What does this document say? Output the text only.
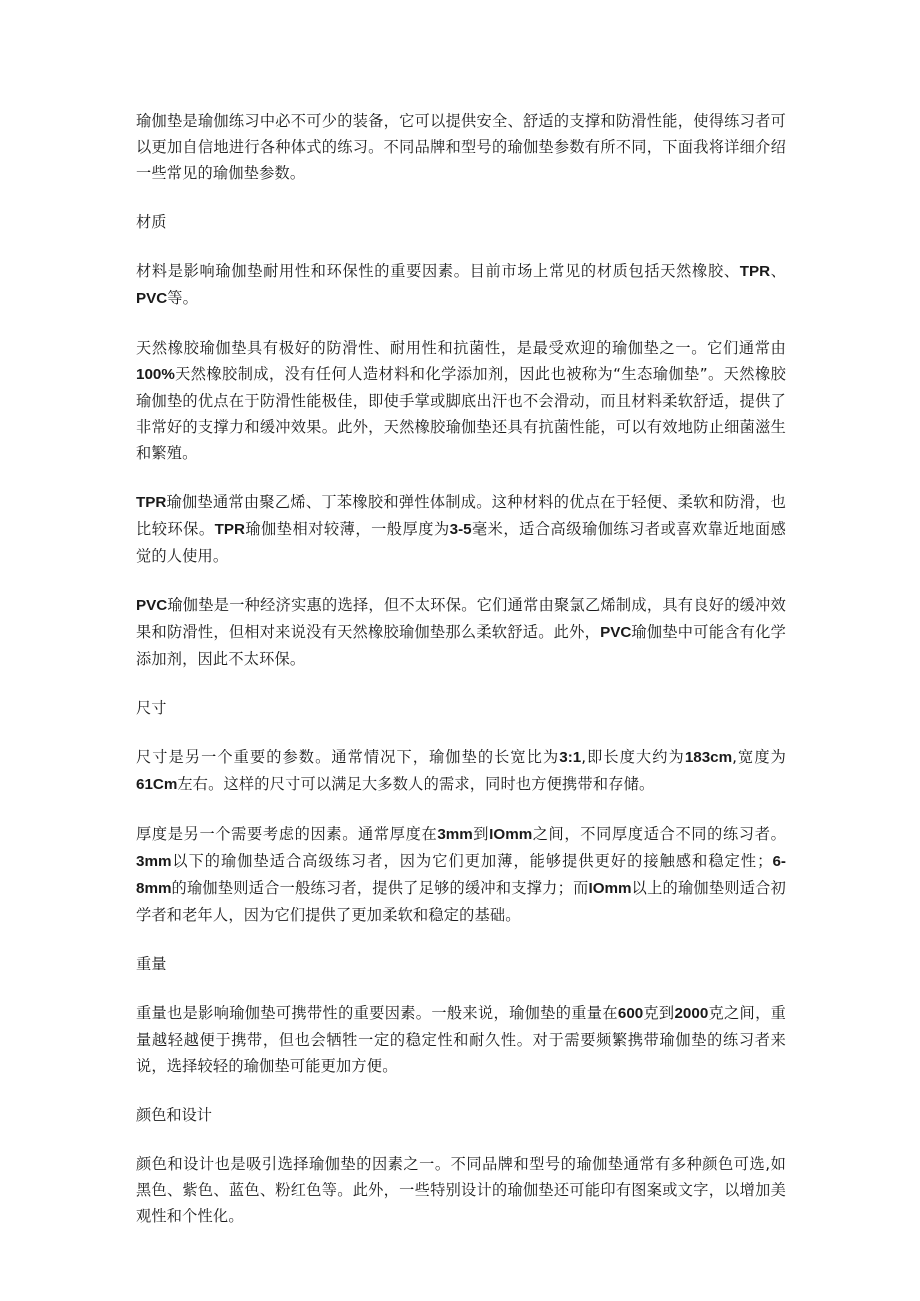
瑜伽垫是瑜伽练习中必不可少的装备，它可以提供安全、舒适的支撑和防滑性能，使得练习者可以更加自信地进行各种体式的练习。不同品牌和型号的瑜伽垫参数有所不同，下面我将详细介绍一些常见的瑜伽垫参数。

材质

材料是影响瑜伽垫耐用性和环保性的重要因素。目前市场上常见的材质包括天然橡胶、TPR、PVC等。

天然橡胶瑜伽垫具有极好的防滑性、耐用性和抗菌性，是最受欢迎的瑜伽垫之一。它们通常由100%天然橡胶制成，没有任何人造材料和化学添加剂，因此也被称为“生态瑜伽垫”。天然橡胶瑜伽垫的优点在于防滑性能极佳，即使手掌或脚底出汗也不会滑动，而且材料柔软舒适，提供了非常好的支撑力和缓冲效果。此外，天然橡胶瑜伽垫还具有抗菌性能，可以有效地防止细菌滋生和繁殖。

TPR瑜伽垫通常由聚乙烯、丁苯橡胶和弹性体制成。这种材料的优点在于轻便、柔软和防滑，也比较环保。TPR瑜伽垫相对较薄，一般厚度为3-5毫米，适合高级瑜伽练习者或喜欢靠近地面感觉的人使用。

PVC瑜伽垫是一种经济实惠的选择，但不太环保。它们通常由聚氯乙烯制成，具有良好的缓冲效果和防滑性，但相对来说没有天然橡胶瑜伽垫那么柔软舒适。此外，PVC瑜伽垫中可能含有化学添加剂，因此不太环保。

尺寸

尺寸是另一个重要的参数。通常情况下，瑜伽垫的长宽比为3:1,即长度大约为183cm,宽度为61Cm左右。这样的尺寸可以满足大多数人的需求，同时也方便携带和存储。

厚度是另一个需要考虑的因素。通常厚度在3mm到IOmm之间，不同厚度适合不同的练习者。3mm以下的瑜伽垫适合高级练习者，因为它们更加薄，能够提供更好的接触感和稳定性；6-8mm的瑜伽垫则适合一般练习者，提供了足够的缓冲和支撑力；而IOmm以上的瑜伽垫则适合初学者和老年人，因为它们提供了更加柔软和稳定的基础。

重量

重量也是影响瑜伽垫可携带性的重要因素。一般来说，瑜伽垫的重量在600克到2000克之间，重量越轻越便于携带，但也会牺牲一定的稳定性和耐久性。对于需要频繁携带瑜伽垫的练习者来说，选择较轻的瑜伽垫可能更加方便。

颜色和设计

颜色和设计也是吸引选择瑜伽垫的因素之一。不同品牌和型号的瑜伽垫通常有多种颜色可选,如黑色、紫色、蓝色、粉红色等。此外，一些特别设计的瑜伽垫还可能印有图案或文字，以增加美观性和个性化。
